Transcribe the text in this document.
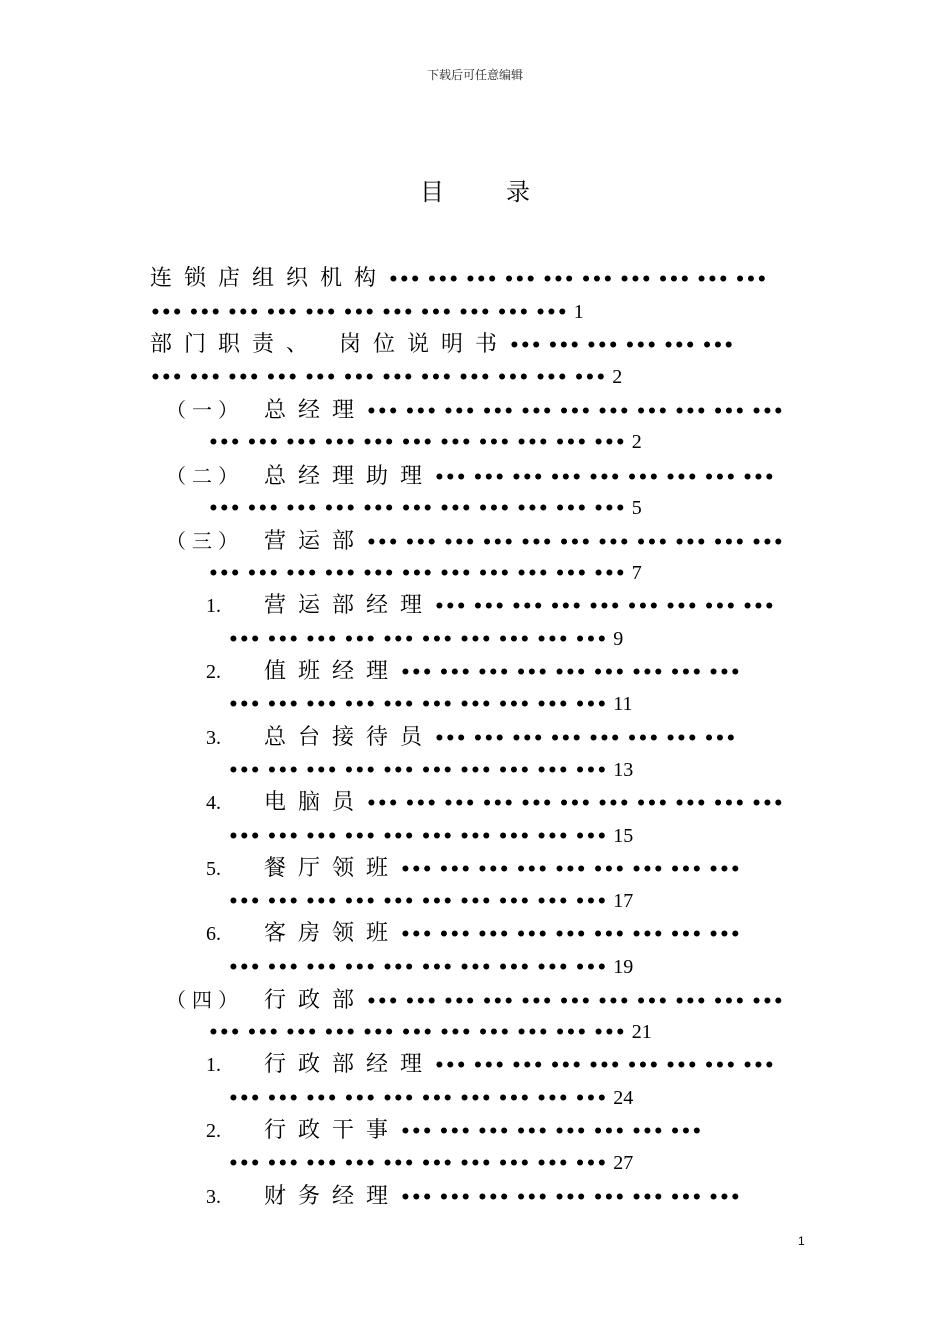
下载后可任意编辑
目	录
连锁店组织机构••• ••• ••• ••• ••• ••• ••• ••• ••• •••
••• ••• ••• ••• ••• ••• ••• ••• ••• ••• ••• 1
部门职责、 岗位说明书••• ••• ••• ••• ••• •••
••• ••• ••• ••• ••• ••• ••• ••• ••• ••• ••• ••• 2
（一） 总经理••• ••• ••• ••• ••• ••• ••• ••• ••• ••• •••
••• ••• ••• ••• ••• ••• ••• ••• ••• ••• ••• 2
（二） 总经理助理••• ••• ••• ••• ••• ••• ••• ••• •••
••• ••• ••• ••• ••• ••• ••• ••• ••• ••• ••• 5
（三） 营运部••• ••• ••• ••• ••• ••• ••• ••• ••• ••• •••
••• ••• ••• ••• ••• ••• ••• ••• ••• ••• ••• 7
1. 营运部经理••• ••• ••• ••• ••• ••• ••• ••• •••
••• ••• ••• ••• ••• ••• ••• ••• ••• ••• 9
2. 值班经理••• ••• ••• ••• ••• ••• ••• ••• •••
••• ••• ••• ••• ••• ••• ••• ••• ••• ••• 11
3. 总台接待员••• ••• ••• ••• ••• ••• ••• •••
••• ••• ••• ••• ••• ••• ••• ••• ••• ••• 13
4. 电脑员••• ••• ••• ••• ••• ••• ••• ••• ••• ••• •••
••• ••• ••• ••• ••• ••• ••• ••• ••• ••• 15
5. 餐厅领班••• ••• ••• ••• ••• ••• ••• ••• •••
••• ••• ••• ••• ••• ••• ••• ••• ••• ••• 17
6. 客房领班••• ••• ••• ••• ••• ••• ••• ••• •••
••• ••• ••• ••• ••• ••• ••• ••• ••• ••• 19
（四） 行政部••• ••• ••• ••• ••• ••• ••• ••• ••• ••• •••
••• ••• ••• ••• ••• ••• ••• ••• ••• ••• ••• 21
1. 行政部经理••• ••• ••• ••• ••• ••• ••• ••• •••
••• ••• ••• ••• ••• ••• ••• ••• ••• ••• 24
2. 行政干事••• ••• ••• ••• ••• ••• ••• •••
••• ••• ••• ••• ••• ••• ••• ••• ••• ••• 27
3. 财务经理••• ••• ••• ••• ••• ••• ••• ••• •••
1
